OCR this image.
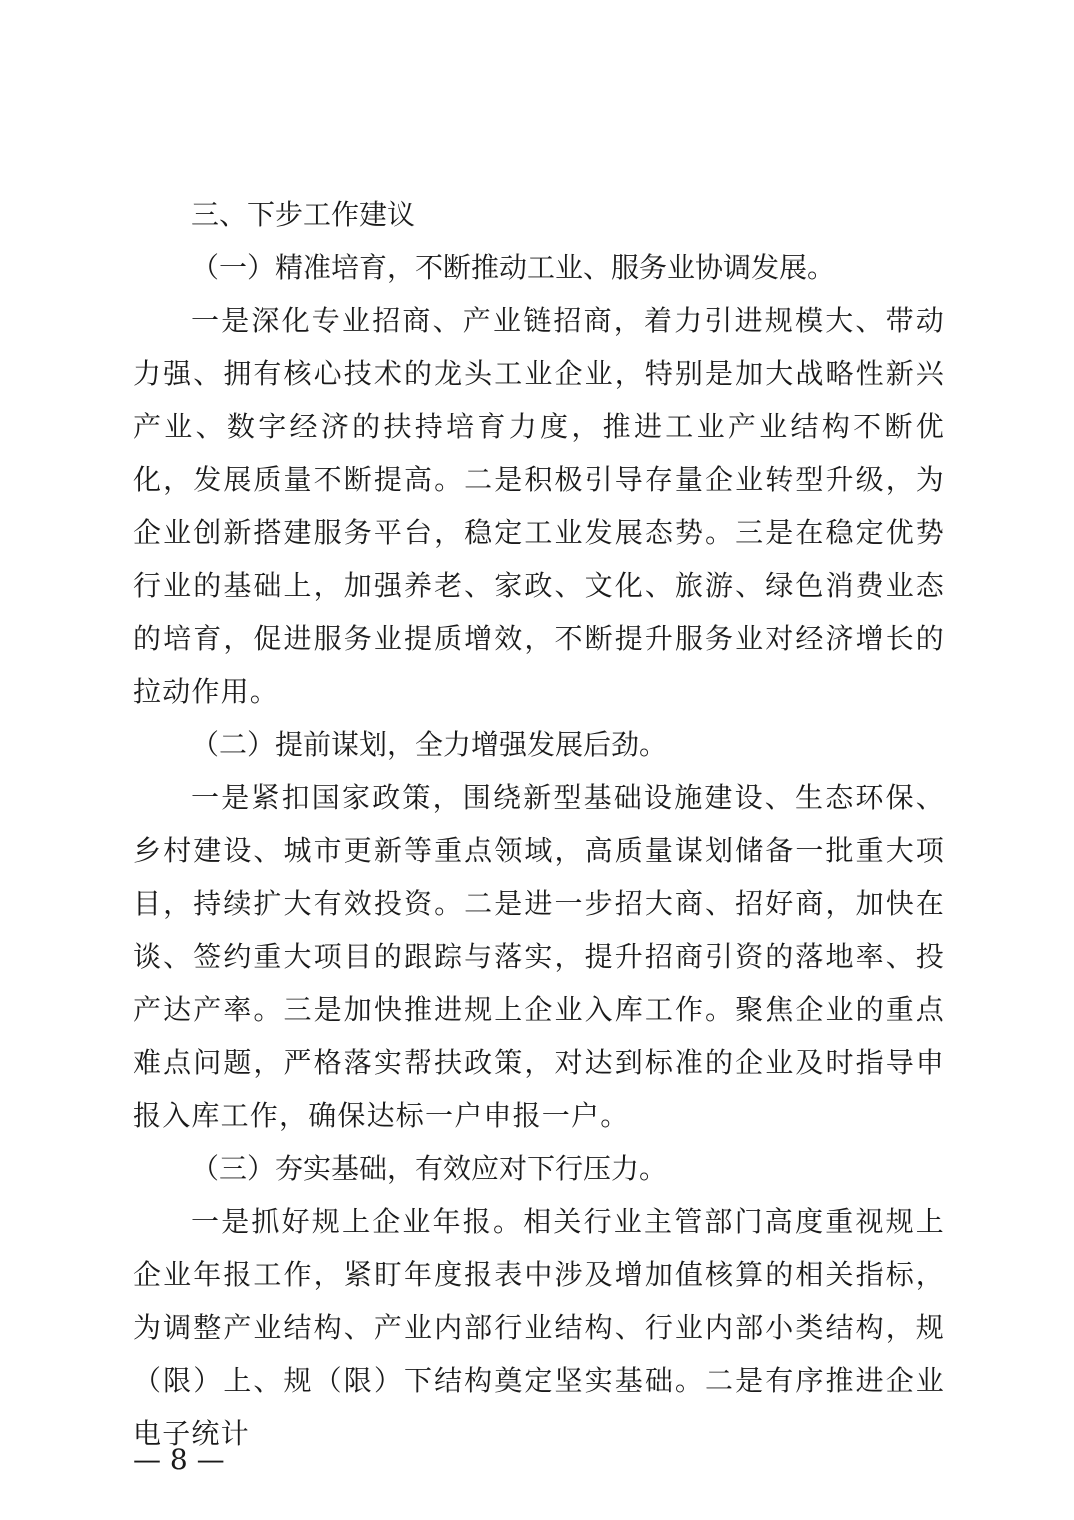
三、下步工作建议

（一）精准培育，不断推动工业、服务业协调发展。

一是深化专业招商、产业链招商，着力引进规模大、带动力强、拥有核心技术的龙头工业企业，特别是加大战略性新兴产业、数字经济的扶持培育力度，推进工业产业结构不断优化，发展质量不断提高。二是积极引导存量企业转型升级，为企业创新搭建服务平台，稳定工业发展态势。三是在稳定优势行业的基础上，加强养老、家政、文化、旅游、绿色消费业态的培育，促进服务业提质增效，不断提升服务业对经济增长的拉动作用。

（二）提前谋划，全力增强发展后劲。

一是紧扣国家政策，围绕新型基础设施建设、生态环保、乡村建设、城市更新等重点领域，高质量谋划储备一批重大项目，持续扩大有效投资。二是进一步招大商、招好商，加快在谈、签约重大项目的跟踪与落实，提升招商引资的落地率、投产达产率。三是加快推进规上企业入库工作。聚焦企业的重点难点问题，严格落实帮扶政策，对达到标准的企业及时指导申报入库工作，确保达标一户申报一户。

（三）夯实基础，有效应对下行压力。

一是抓好规上企业年报。相关行业主管部门高度重视规上企业年报工作，紧盯年度报表中涉及增加值核算的相关指标，为调整产业结构、产业内部行业结构、行业内部小类结构，规（限）上、规（限）下结构奠定坚实基础。二是有序推进企业电子统计

— 8 —
